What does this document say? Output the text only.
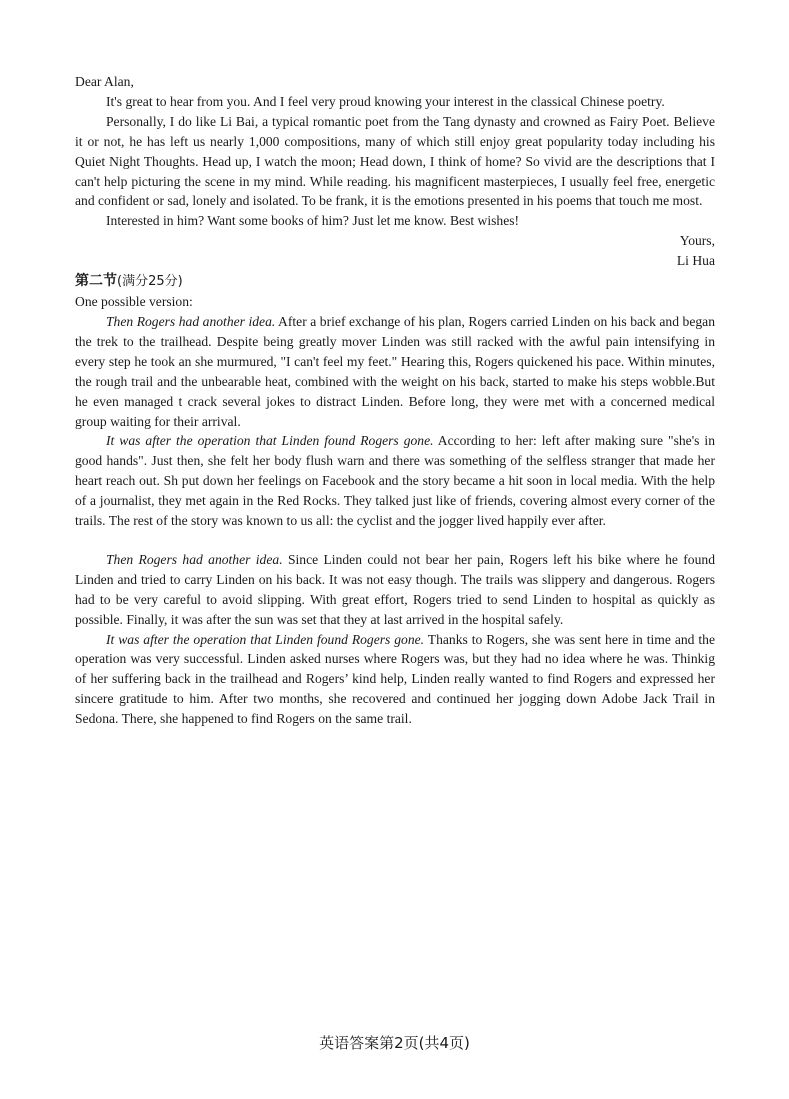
Dear Alan,

It's great to hear from you. And I feel very proud knowing your interest in the classical Chinese poetry.

Personally, I do like Li Bai, a typical romantic poet from the Tang dynasty and crowned as Fairy Poet. Believe it or not, he has left us nearly 1,000 compositions, many of which still enjoy great popularity today including his Quiet Night Thoughts. Head up, I watch the moon; Head down, I think of home? So vivid are the descriptions that I can't help picturing the scene in my mind. While reading. his magnificent masterpieces, I usually feel free, energetic and confident or sad, lonely and isolated. To be frank, it is the emotions presented in his poems that touch me most.

Interested in him? Want some books of him? Just let me know. Best wishes!

Yours,

Li Hua

第二节(满分25分)

One possible version:

Then Rogers had another idea. After a brief exchange of his plan, Rogers carried Linden on his back and began the trek to the trailhead. Despite being greatly mover Linden was still racked with the awful pain intensifying in every step he took an she murmured, "I can't feel my feet." Hearing this, Rogers quickened his pace. Within minutes, the rough trail and the unbearable heat, combined with the weight on his back, started to make his steps wobble.But he even managed t crack several jokes to distract Linden. Before long, they were met with a concerned medical group waiting for their arrival.

It was after the operation that Linden found Rogers gone. According to her: left after making sure "she's in good hands". Just then, she felt her body flush warn and there was something of the selfless stranger that made her heart reach out. Sh put down her feelings on Facebook and the story became a hit soon in local media. With the help of a journalist, they met again in the Red Rocks. They talked just like of friends, covering almost every corner of the trails. The rest of the story was known to us all: the cyclist and the jogger lived happily ever after.

Then Rogers had another idea. Since Linden could not bear her pain, Rogers left his bike where he found Linden and tried to carry Linden on his back. It was not easy though. The trails was slippery and dangerous. Rogers had to be very careful to avoid slipping. With great effort, Rogers tried to send Linden to hospital as quickly as possible. Finally, it was after the sun was set that they at last arrived in the hospital safely.

It was after the operation that Linden found Rogers gone. Thanks to Rogers, she was sent here in time and the operation was very successful. Linden asked nurses where Rogers was, but they had no idea where he was. Thinkig of her suffering back in the trailhead and Rogers’ kind help, Linden really wanted to find Rogers and expressed her sincere gratitude to him. After two months, she recovered and continued her jogging down Adobe Jack Trail in Sedona. There, she happened to find Rogers on the same trail.

英语答案第2页(共4页)
